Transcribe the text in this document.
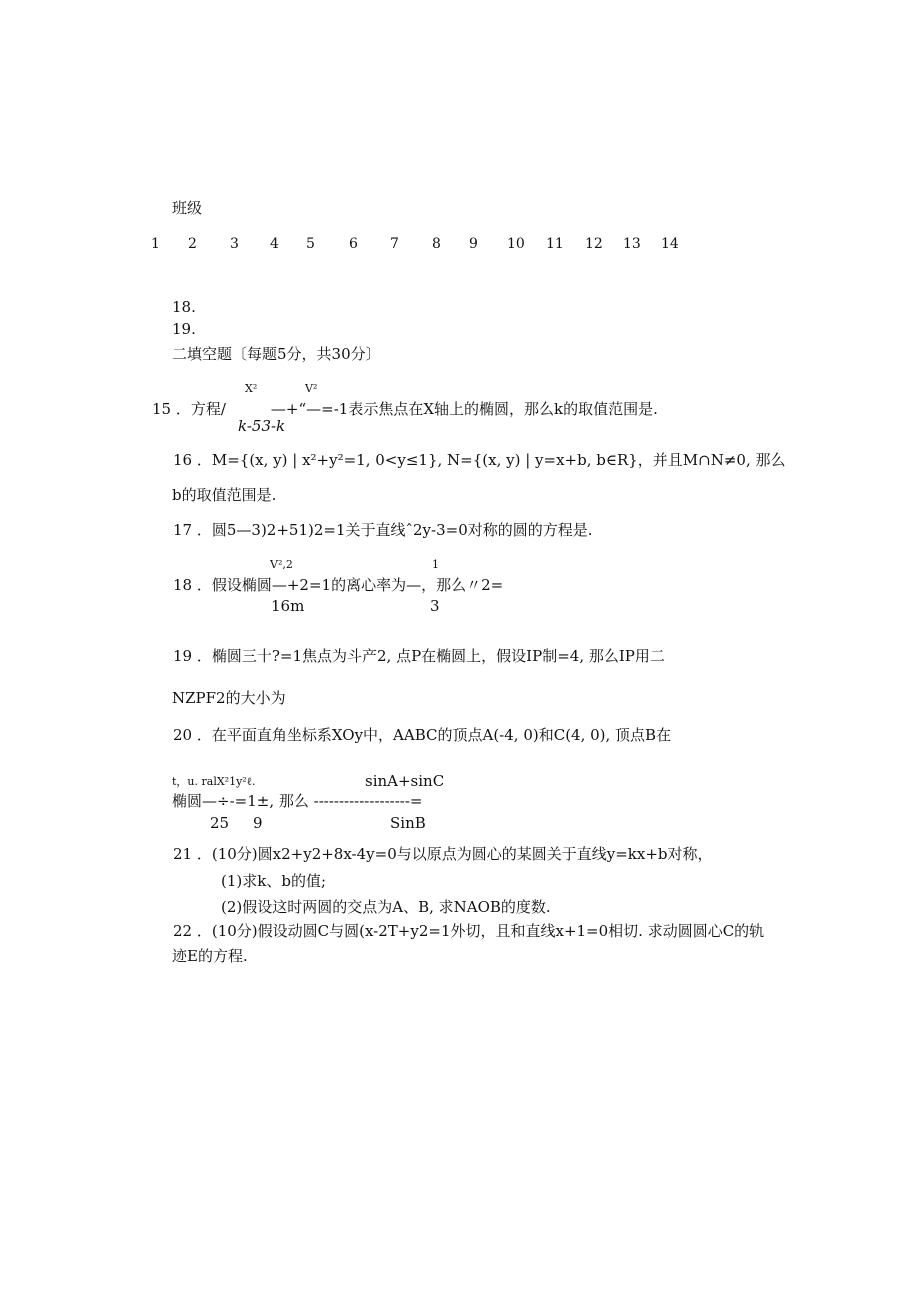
班级
1 2 3 4 5 6 7 8 9 10 11 12 13 14
18.
19.
二填空题〔每题5分，共30分〕
X²	V²
15 ．方程/　　　—+“—=-1表示焦点在X轴上的椭圆，那么k的取值范围是.
k-53-k
16 ．M={(x, y) | x²+y²=1, 0<y≤1}, N={(x, y) | y=x+b, b∈R}，并且M∩N≠0, 那么
b的取值范围是.
17 ．圆5—3)2+51)2=1关于直线ˆ2y-3=0对称的圆的方程是.
V²,2	1
18 ．假设椭圆—+2=1的离心率为—，那么〃2=
16m	3
19 ．椭圆三十?=1焦点为斗产2, 点P在椭圆上，假设IP制=4, 那么IP用二
NZPF2的大小为
20 ．在平面直角坐标系XOy中，AABC的顶点A(-4, 0)和C(4, 0), 顶点B在
t，u. ralX²1y²ℓ.	sinA+sinC
椭圆—÷-=1±, 那么 -------------------=
25 9	SinB
21 ．(10分)圆x2+y2+8x-4y=0与以原点为圆心的某圆关于直线y=kx+b对称，
(1)求k、b的值;
(2)假设这时两圆的交点为A、B, 求NAOB的度数.
22 ．(10分)假设动圆C与圆(x-2T+y2=1外切，且和直线x+1=0相切. 求动圆圆心C的轨
迹E的方程.
